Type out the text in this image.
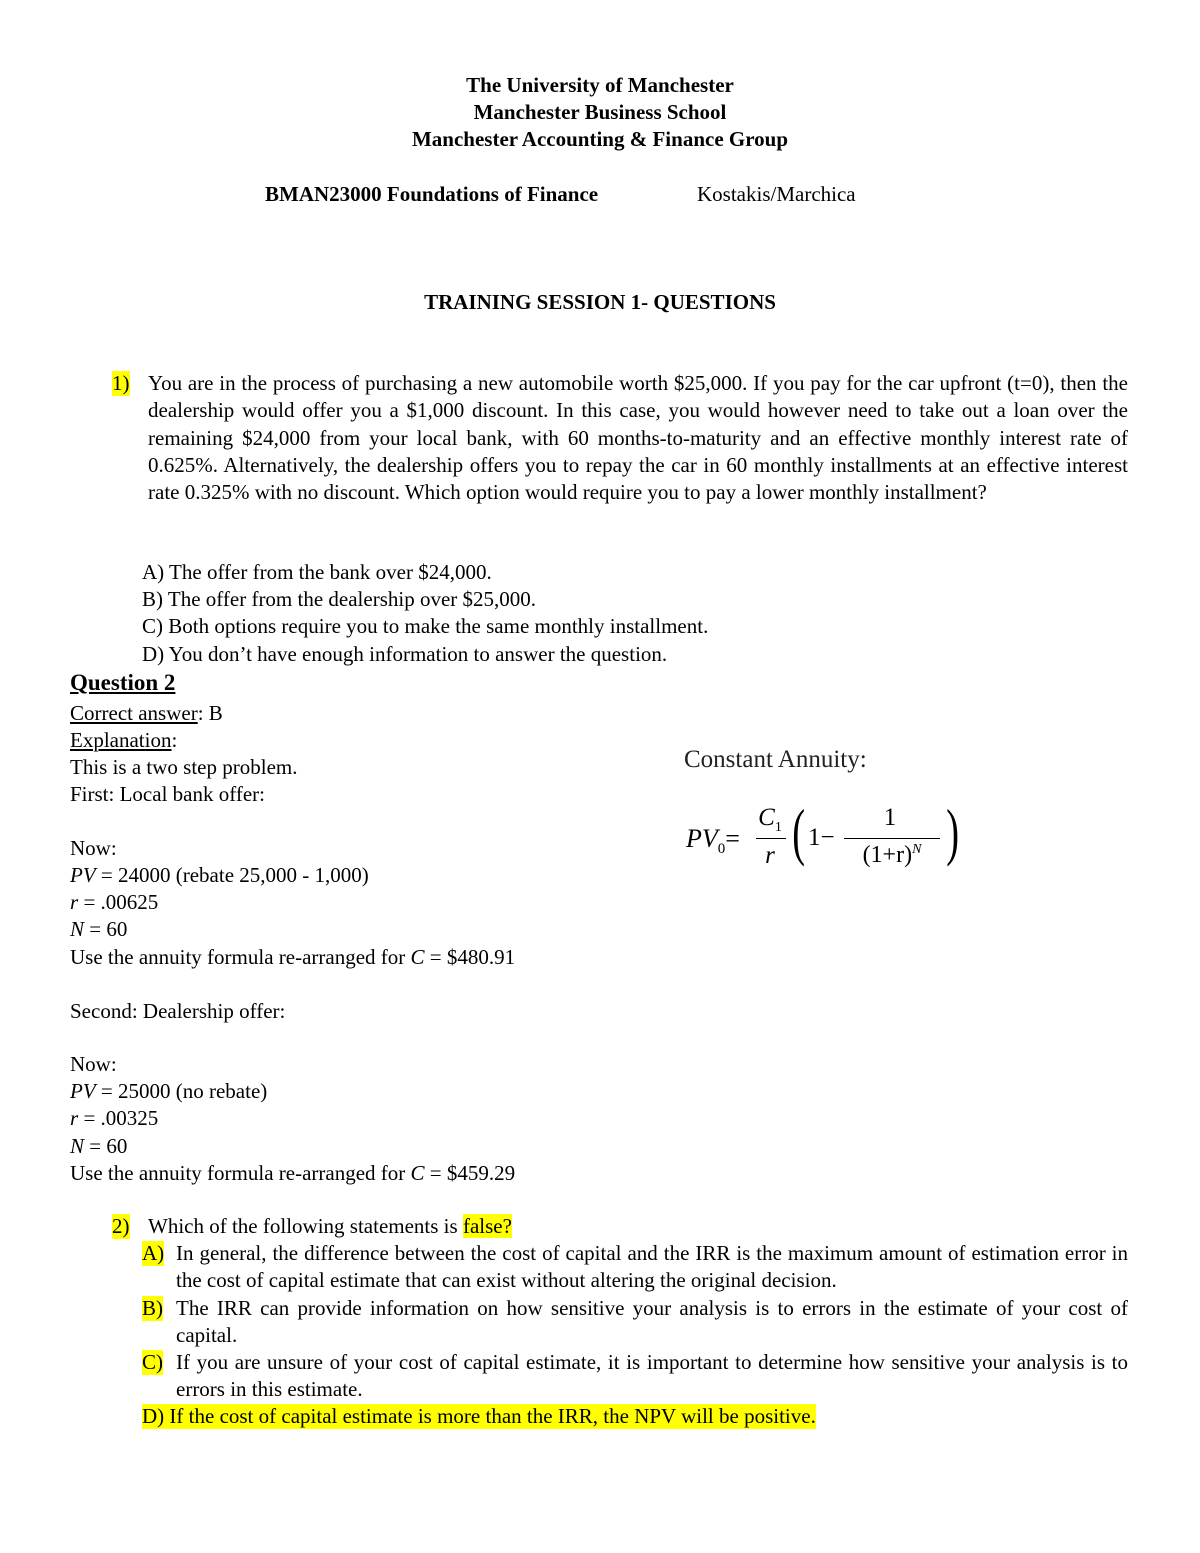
The University of Manchester
Manchester Business School
Manchester Accounting & Finance Group
BMAN23000 Foundations of Finance	Kostakis/Marchica
TRAINING SESSION 1- QUESTIONS
1) You are in the process of purchasing a new automobile worth $25,000. If you pay for the car upfront (t=0), then the dealership would offer you a $1,000 discount. In this case, you would however need to take out a loan over the remaining $24,000 from your local bank, with 60 months-to-maturity and an effective monthly interest rate of 0.625%. Alternatively, the dealership offers you to repay the car in 60 monthly installments at an effective interest rate 0.325% with no discount. Which option would require you to pay a lower monthly installment?
A) The offer from the bank over $24,000.
B) The offer from the dealership over $25,000.
C) Both options require you to make the same monthly installment.
D) You don’t have enough information to answer the question.
Question 2
Correct answer: B
Explanation:
This is a two step problem.
First: Local bank offer:
Now:
PV = 24000 (rebate 25,000 - 1,000)
r = .00625
N = 60
Use the annuity formula re-arranged for C = $480.91
Second: Dealership offer:
Now:
PV = 25000 (no rebate)
r = .00325
N = 60
Use the annuity formula re-arranged for C = $459.29
Constant Annuity:
$PV_0=$
$C_1$
r ( )
1−
1
$(1+r)^N$
2) Which of the following statements is false?
A) In general, the difference between the cost of capital and the IRR is the maximum amount of estimation error in the cost of capital estimate that can exist without altering the original decision.
B) The IRR can provide information on how sensitive your analysis is to errors in the estimate of your cost of capital.
C) If you are unsure of your cost of capital estimate, it is important to determine how sensitive your analysis is to errors in this estimate.
D) If the cost of capital estimate is more than the IRR, the NPV will be positive.
